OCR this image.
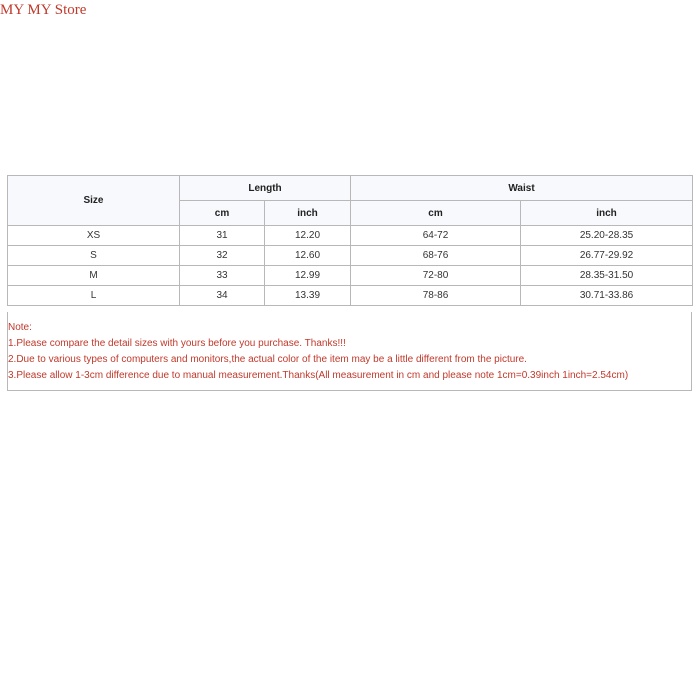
MY MY Store
Size	Length		Waist	
	cm	inch	cm	inch
XS	31	12.20	64-72	25.20-28.35
S	32	12.60	68-76	26.77-29.92
M	33	12.99	72-80	28.35-31.50
L	34	13.39	78-86	30.71-33.86
Note:
1.Please compare the detail sizes with yours before you purchase. Thanks!!!
2.Due to various types of computers and monitors,the actual color of the item may be a little different from the picture.
3.Please allow 1-3cm difference due to manual measurement.Thanks(All measurement in cm and please note 1cm=0.39inch 1inch=2.54cm)
